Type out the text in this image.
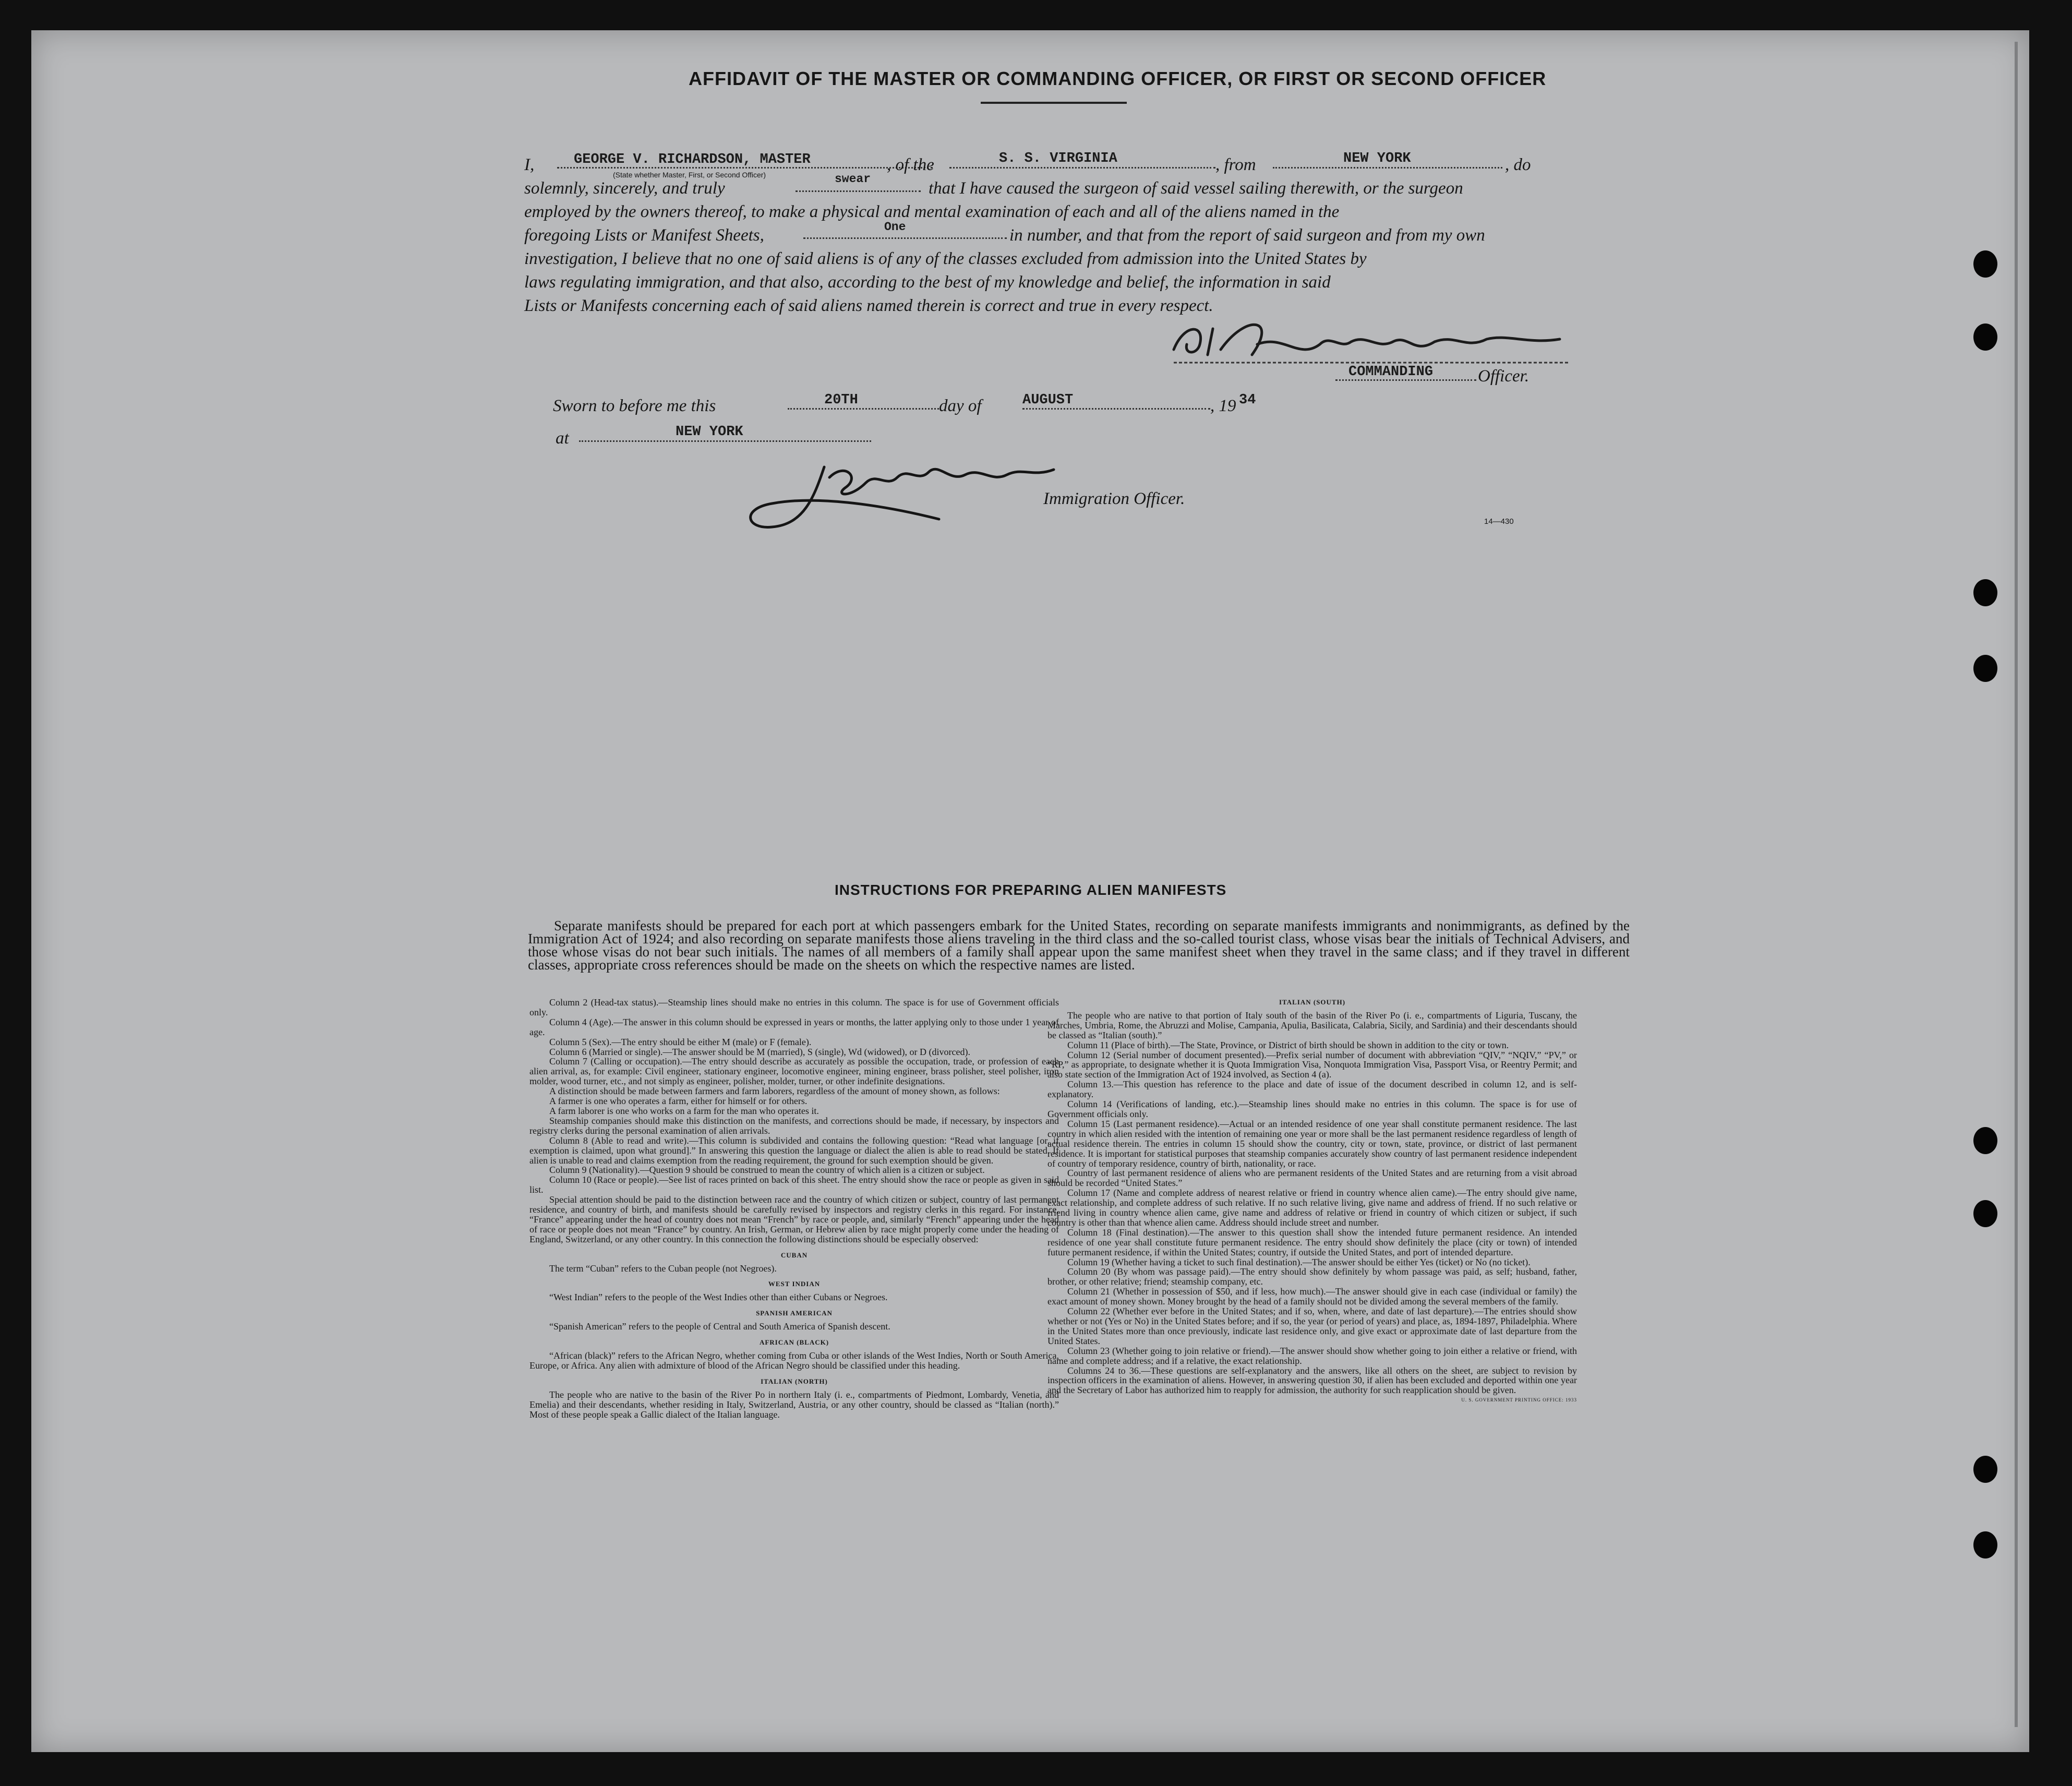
AFFIDAVIT OF THE MASTER OR COMMANDING OFFICER, OR FIRST OR SECOND OFFICER
I,	GEORGE V. RICHARDSON, MASTER
(State whether Master, First, or Second Officer)
, of the	S. S. VIRGINIA	, from	NEW YORK	, do
solemnly, sincerely, and truly	swear	that I have caused the surgeon of said vessel sailing therewith, or the surgeon
employed by the owners thereof, to make a physical and mental examination of each and all of the aliens named in the
foregoing Lists or Manifest Sheets,	One	in number, and that from the report of said surgeon and from my own
investigation, I believe that no one of said aliens is of any of the classes excluded from admission into the United States by
laws regulating immigration, and that also, according to the best of my knowledge and belief, the information in said
Lists or Manifests concerning each of said aliens named therein is correct and true in every respect.
COMMANDING	Officer.
Sworn to before me this	20TH	day of	AUGUST	, 19 34
at	NEW YORK
Immigration Officer.
14—430
INSTRUCTIONS FOR PREPARING ALIEN MANIFESTS
Separate manifests should be prepared for each port at which passengers embark for the United States, recording on separate manifests immigrants and nonimmigrants, as defined by the Immigration Act of 1924; and also recording on separate manifests those aliens traveling in the third class and the so-called tourist class, whose visas bear the initials of Technical Advisers, and those whose visas do not bear such initials. The names of all members of a family shall appear upon the same manifest sheet when they travel in the same class; and if they travel in different classes, appropriate cross references should be made on the sheets on which the respective names are listed.

Column 2 (Head-tax status).—Steamship lines should make no entries in this column. The space is for use of Government officials only.

Column 4 (Age).—The answer in this column should be expressed in years or months, the latter applying only to those under 1 year of age.

Column 5 (Sex).—The entry should be either M (male) or F (female).

Column 6 (Married or single).—The answer should be M (married), S (single), Wd (widowed), or D (divorced).

Column 7 (Calling or occupation).—The entry should describe as accurately as possible the occupation, trade, or profession of each alien arrival, as, for example: Civil engineer, stationary engineer, locomotive engineer, mining engineer, brass polisher, steel polisher, iron molder, wood turner, etc., and not simply as engineer, polisher, molder, turner, or other indefinite designations.

A distinction should be made between farmers and farm laborers, regardless of the amount of money shown, as follows:

A farmer is one who operates a farm, either for himself or for others.

A farm laborer is one who works on a farm for the man who operates it.

Steamship companies should make this distinction on the manifests, and corrections should be made, if necessary, by inspectors and registry clerks during the personal examination of alien arrivals.

Column 8 (Able to read and write).—This column is subdivided and contains the following question: “Read what language [or, if exemption is claimed, upon what ground].” In answering this question the language or dialect the alien is able to read should be stated. If alien is unable to read and claims exemption from the reading requirement, the ground for such exemption should be given.

Column 9 (Nationality).—Question 9 should be construed to mean the country of which alien is a citizen or subject.

Column 10 (Race or people).—See list of races printed on back of this sheet. The entry should show the race or people as given in said list.

Special attention should be paid to the distinction between race and the country of which citizen or subject, country of last permanent residence, and country of birth, and manifests should be carefully revised by inspectors and registry clerks in this regard. For instance, “France” appearing under the head of country does not mean “French” by race or people, and, similarly “French” appearing under the head of race or people does not mean “France” by country. An Irish, German, or Hebrew alien by race might properly come under the heading of England, Switzerland, or any other country. In this connection the following distinctions should be especially observed:

CUBAN

The term “Cuban” refers to the Cuban people (not Negroes).

WEST INDIAN

“West Indian” refers to the people of the West Indies other than either Cubans or Negroes.

SPANISH AMERICAN

“Spanish American” refers to the people of Central and South America of Spanish descent.

AFRICAN (BLACK)

“African (black)” refers to the African Negro, whether coming from Cuba or other islands of the West Indies, North or South America, Europe, or Africa. Any alien with admixture of blood of the African Negro should be classified under this heading.

ITALIAN (NORTH)

The people who are native to the basin of the River Po in northern Italy (i. e., compartments of Piedmont, Lombardy, Venetia, and Emelia) and their descendants, whether residing in Italy, Switzerland, Austria, or any other country, should be classed as “Italian (north).” Most of these people speak a Gallic dialect of the Italian language.

ITALIAN (SOUTH)

The people who are native to that portion of Italy south of the basin of the River Po (i. e., compartments of Liguria, Tuscany, the Marches, Umbria, Rome, the Abruzzi and Molise, Campania, Apulia, Basilicata, Calabria, Sicily, and Sardinia) and their descendants should be classed as “Italian (south).”

Column 11 (Place of birth).—The State, Province, or District of birth should be shown in addition to the city or town.

Column 12 (Serial number of document presented).—Prefix serial number of document with abbreviation “QIV,” “NQIV,” “PV,” or “RP,” as appropriate, to designate whether it is Quota Immigration Visa, Nonquota Immigration Visa, Passport Visa, or Reentry Permit; and also state section of the Immigration Act of 1924 involved, as Section 4 (a).

Column 13.—This question has reference to the place and date of issue of the document described in column 12, and is self-explanatory.

Column 14 (Verifications of landing, etc.).—Steamship lines should make no entries in this column. The space is for use of Government officials only.

Column 15 (Last permanent residence).—Actual or an intended residence of one year shall constitute permanent residence. The last country in which alien resided with the intention of remaining one year or more shall be the last permanent residence regardless of length of actual residence therein. The entries in column 15 should show the country, city or town, state, province, or district of last permanent residence. It is important for statistical purposes that steamship companies accurately show country of last permanent residence independent of country of temporary residence, country of birth, nationality, or race.

Country of last permanent residence of aliens who are permanent residents of the United States and are returning from a visit abroad should be recorded “United States.”

Column 17 (Name and complete address of nearest relative or friend in country whence alien came).—The entry should give name, exact relationship, and complete address of such relative. If no such relative living, give name and address of friend. If no such relative or friend living in country whence alien came, give name and address of relative or friend in country of which citizen or subject, if such country is other than that whence alien came. Address should include street and number.

Column 18 (Final destination).—The answer to this question shall show the intended future permanent residence. An intended residence of one year shall constitute future permanent residence. The entry should show definitely the place (city or town) of intended future permanent residence, if within the United States; country, if outside the United States, and port of intended departure.

Column 19 (Whether having a ticket to such final destination).—The answer should be either Yes (ticket) or No (no ticket).

Column 20 (By whom was passage paid).—The entry should show definitely by whom passage was paid, as self; husband, father, brother, or other relative; friend; steamship company, etc.

Column 21 (Whether in possession of $50, and if less, how much).—The answer should give in each case (individual or family) the exact amount of money shown. Money brought by the head of a family should not be divided among the several members of the family.

Column 22 (Whether ever before in the United States; and if so, when, where, and date of last departure).—The entries should show whether or not (Yes or No) in the United States before; and if so, the year (or period of years) and place, as, 1894-1897, Philadelphia. Where in the United States more than once previously, indicate last residence only, and give exact or approximate date of last departure from the United States.

Column 23 (Whether going to join relative or friend).—The answer should show whether going to join either a relative or friend, with name and complete address; and if a relative, the exact relationship.

Columns 24 to 36.—These questions are self-explanatory and the answers, like all others on the sheet, are subject to revision by inspection officers in the examination of aliens. However, in answering question 30, if alien has been excluded and deported within one year and the Secretary of Labor has authorized him to reapply for admission, the authority for such reapplication should be given.

U. S. GOVERNMENT PRINTING OFFICE: 1933
